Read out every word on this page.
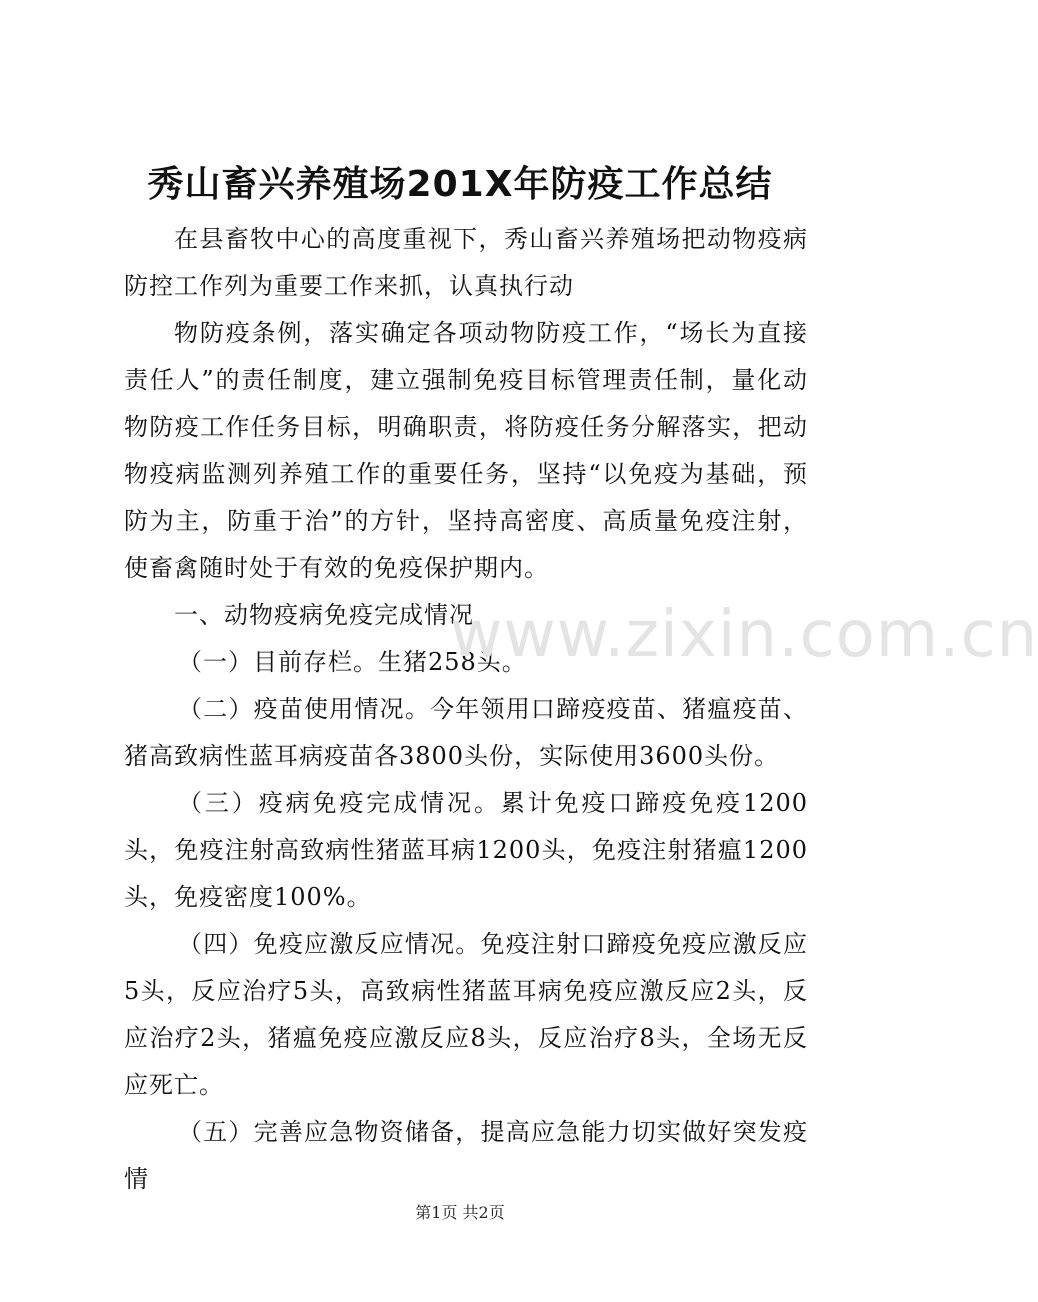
秀山畜兴养殖场201X年防疫工作总结

在县畜牧中心的高度重视下，秀山畜兴养殖场把动物疫病防控工作列为重要工作来抓，认真执行动

物防疫条例，落实确定各项动物防疫工作，“场长为直接责任人”的责任制度，建立强制免疫目标管理责任制，量化动物防疫工作任务目标，明确职责，将防疫任务分解落实，把动物疫病监测列养殖工作的重要任务，坚持“以免疫为基础，预防为主，防重于治”的方针，坚持高密度、高质量免疫注射，使畜禽随时处于有效的免疫保护期内。

一、动物疫病免疫完成情况

（一）目前存栏。生猪258头。

（二）疫苗使用情况。今年领用口蹄疫疫苗、猪瘟疫苗、猪高致病性蓝耳病疫苗各3800头份，实际使用3600头份。

（三）疫病免疫完成情况。累计免疫口蹄疫免疫1200头，免疫注射高致病性猪蓝耳病1200头，免疫注射猪瘟1200头，免疫密度100%。

（四）免疫应激反应情况。免疫注射口蹄疫免疫应激反应5头，反应治疗5头，高致病性猪蓝耳病免疫应激反应2头，反应治疗2头，猪瘟免疫应激反应8头，反应治疗8头，全场无反应死亡。

（五）完善应急物资储备，提高应急能力切实做好突发疫情

www.zixin.com.cn
第1页 共2页
